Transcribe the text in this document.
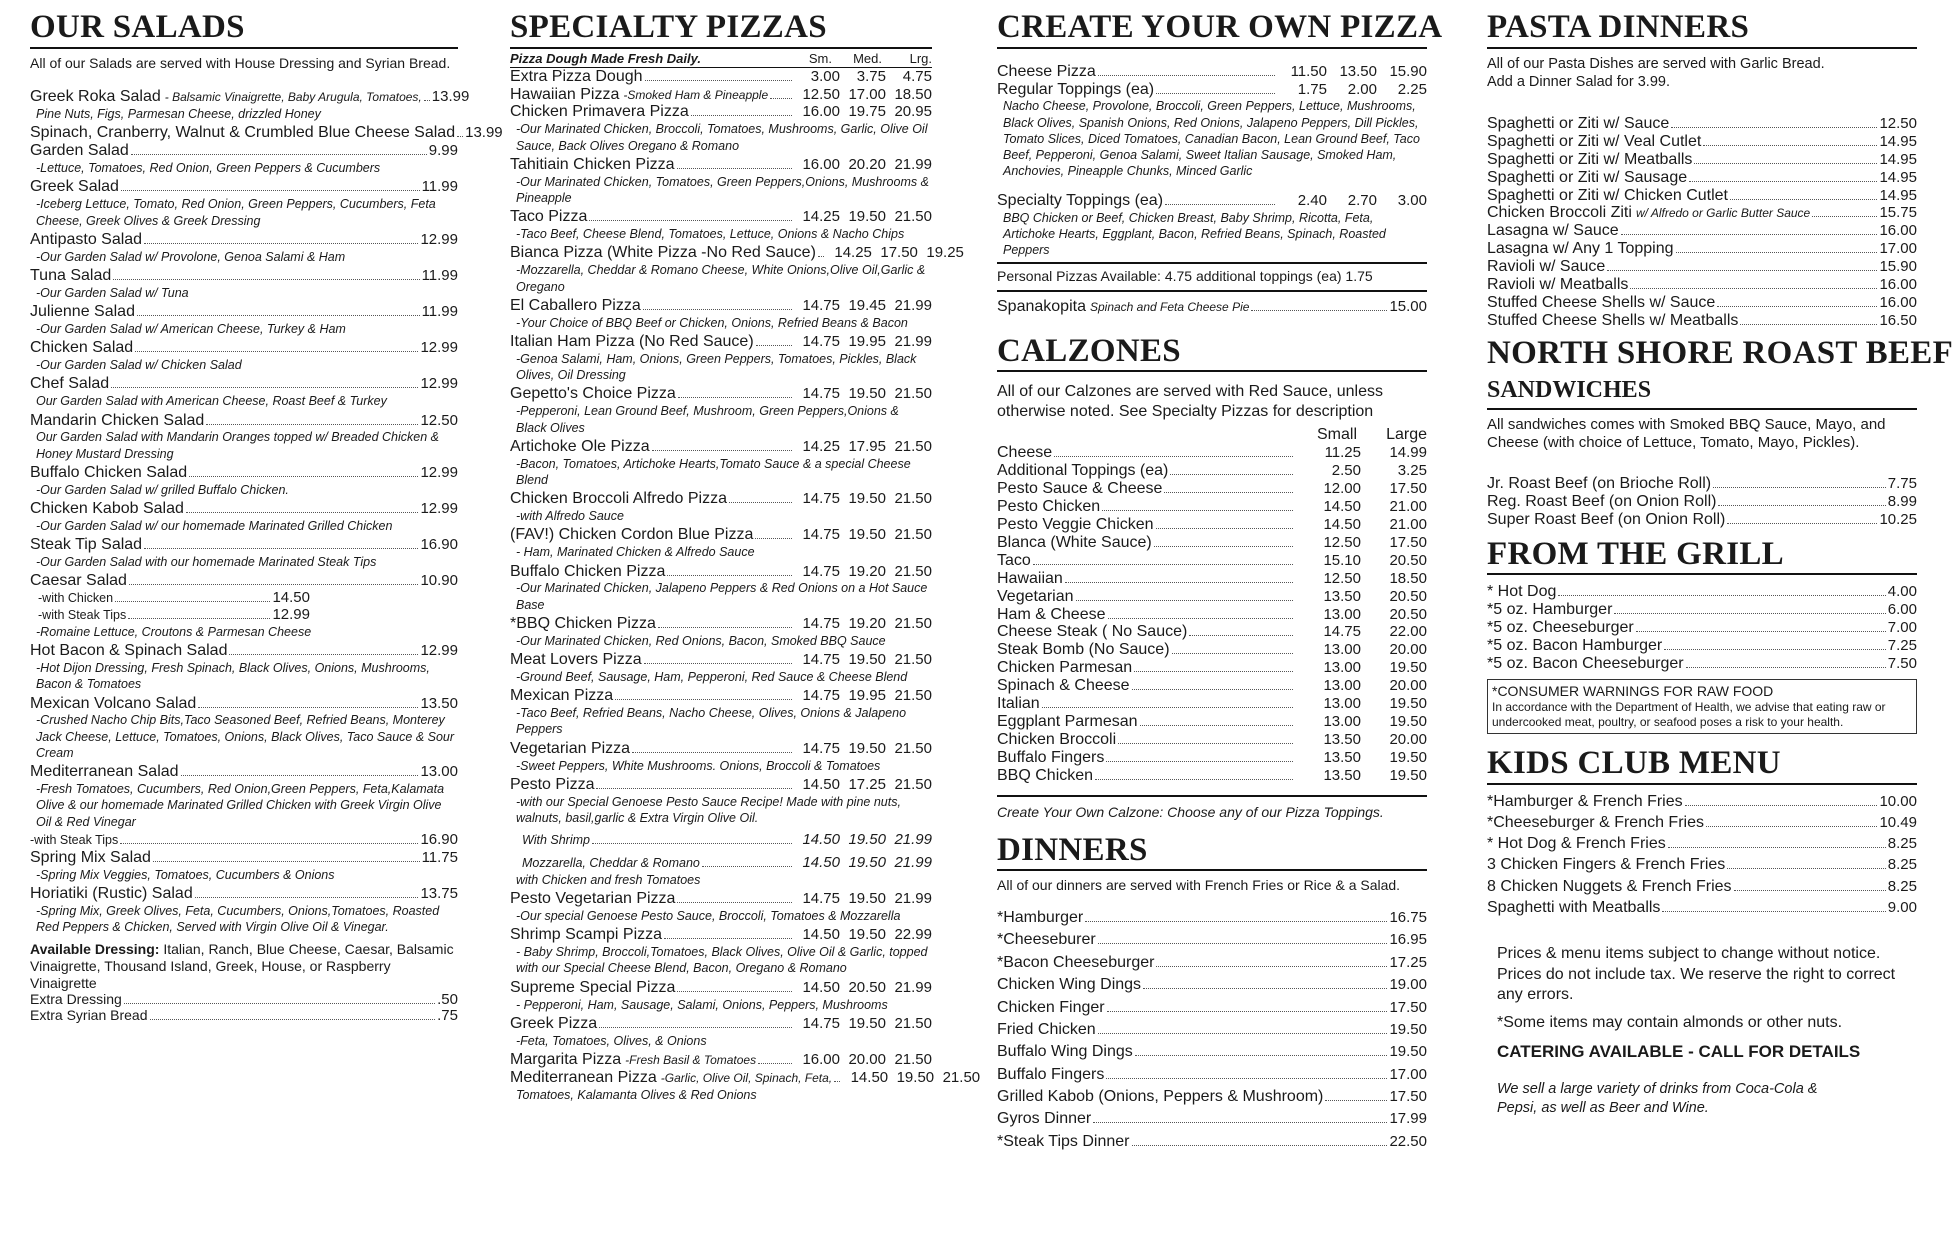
OUR SALADS
All of our Salads are served with House Dressing and Syrian Bread.
Greek Roka Salad - Balsamic Vinaigrette, Baby Arugula, Tomatoes, 13.99
Pine Nuts, Figs, Parmesan Cheese, drizzled Honey
Spinach, Cranberry, Walnut & Crumbled Blue Cheese Salad 13.99
Garden Salad	9.99
-Lettuce, Tomatoes, Red Onion, Green Peppers & Cucumbers
Greek Salad	11.99
-Iceberg Lettuce, Tomato, Red Onion, Green Peppers, Cucumbers, Feta Cheese, Greek Olives & Greek Dressing
Antipasto Salad	12.99
-Our Garden Salad w/ Provolone, Genoa Salami & Ham
Tuna Salad	11.99
-Our Garden Salad w/ Tuna
Julienne Salad	11.99
-Our Garden Salad w/ American Cheese, Turkey & Ham
Chicken Salad	12.99
-Our Garden Salad w/ Chicken Salad
Chef Salad	12.99
Our Garden Salad with American Cheese, Roast Beef & Turkey
Mandarin Chicken Salad	12.50
Our Garden Salad with Mandarin Oranges topped w/ Breaded Chicken & Honey Mustard Dressing
Buffalo Chicken Salad	12.99
-Our Garden Salad w/ grilled Buffalo Chicken.
Chicken Kabob Salad	12.99
-Our Garden Salad w/ our homemade Marinated Grilled Chicken
Steak Tip Salad	16.90
-Our Garden Salad with our homemade Marinated Steak Tips
Caesar Salad	10.90
-with Chicken	14.50
-with Steak Tips	12.99
-Romaine Lettuce, Croutons & Parmesan Cheese
Hot Bacon & Spinach Salad	12.99
-Hot Dijon Dressing, Fresh Spinach, Black Olives, Onions, Mushrooms, Bacon & Tomatoes
Mexican Volcano Salad	13.50
-Crushed Nacho Chip Bits,Taco Seasoned Beef, Refried Beans, Monterey Jack Cheese, Lettuce, Tomatoes, Onions, Black Olives, Taco Sauce & Sour Cream
Mediterranean Salad	13.00
-Fresh Tomatoes, Cucumbers, Red Onion,Green Peppers, Feta,Kalamata Olive & our homemade Marinated Grilled Chicken with Greek Virgin Olive Oil & Red Vinegar
-with Steak Tips	16.90
Spring Mix Salad	11.75
-Spring Mix Veggies, Tomatoes, Cucumbers & Onions
Horiatiki (Rustic) Salad	13.75
-Spring Mix, Greek Olives, Feta, Cucumbers, Onions,Tomatoes, Roasted Red Peppers & Chicken, Served with Virgin Olive Oil & Vinegar.
Available Dressing: Italian, Ranch, Blue Cheese, Caesar, Balsamic Vinaigrette, Thousand Island, Greek, House, or Raspberry Vinaigrette
Extra Dressing	.50
Extra Syrian Bread	.75
SPECIALTY PIZZAS
Pizza Dough Made Fresh Daily.	Sm.	Med.	Lrg.
Extra Pizza Dough	3.00 3.75 4.75
Hawaiian Pizza -Smoked Ham & Pineapple	12.50 17.00 18.50
Chicken Primavera Pizza	16.00 19.75 20.95
-Our Marinated Chicken, Broccoli, Tomatoes, Mushrooms, Garlic, Olive Oil Sauce, Back Olives Oregano & Romano
Tahitiain Chicken Pizza	16.00 20.20 21.99
-Our Marinated Chicken, Tomatoes, Green Peppers,Onions, Mushrooms & Pineapple
Taco Pizza	14.25 19.50 21.50
-Taco Beef, Cheese Blend, Tomatoes, Lettuce, Onions & Nacho Chips
Bianca Pizza (White Pizza -No Red Sauce)	14.25 17.50 19.25
-Mozzarella, Cheddar & Romano Cheese, White Onions,Olive Oil,Garlic & Oregano
El Caballero Pizza	14.75 19.45 21.99
-Your Choice of BBQ Beef or Chicken, Onions, Refried Beans & Bacon
Italian Ham Pizza (No Red Sauce)	14.75 19.95 21.99
-Genoa Salami, Ham, Onions, Green Peppers, Tomatoes, Pickles, Black Olives, Oil Dressing
Gepetto's Choice Pizza	14.75 19.50 21.50
-Pepperoni, Lean Ground Beef, Mushroom, Green Peppers,Onions & Black Olives
Artichoke Ole Pizza	14.25 17.95 21.50
-Bacon, Tomatoes, Artichoke Hearts,Tomato Sauce & a special Cheese Blend
Chicken Broccoli Alfredo Pizza	14.75 19.50 21.50
-with Alfredo Sauce
(FAV!) Chicken Cordon Blue Pizza	14.75 19.50 21.50
- Ham, Marinated Chicken & Alfredo Sauce
Buffalo Chicken Pizza	14.75 19.20 21.50
-Our Marinated Chicken, Jalapeno Peppers & Red Onions on a Hot Sauce Base
*BBQ Chicken Pizza	14.75 19.20 21.50
-Our Marinated Chicken, Red Onions, Bacon, Smoked BBQ Sauce
Meat Lovers Pizza	14.75 19.50 21.50
-Ground Beef, Sausage, Ham, Pepperoni, Red Sauce & Cheese Blend
Mexican Pizza	14.75 19.95 21.50
-Taco Beef, Refried Beans, Nacho Cheese, Olives, Onions & Jalapeno Peppers
Vegetarian Pizza	14.75 19.50 21.50
-Sweet Peppers, White Mushrooms. Onions, Broccoli & Tomatoes
Pesto Pizza	14.50 17.25 21.50
-with our Special Genoese Pesto Sauce Recipe! Made with pine nuts, walnuts, basil,garlic & Extra Virgin Olive Oil.
With Shrimp	14.50 19.50 21.99
Mozzarella, Cheddar & Romano	14.50 19.50 21.99
with Chicken and fresh Tomatoes
Pesto Vegetarian Pizza	14.75 19.50 21.99
-Our special Genoese Pesto Sauce, Broccoli, Tomatoes & Mozzarella
Shrimp Scampi Pizza	14.50 19.50 22.99
- Baby Shrimp, Broccoli,Tomatoes, Black Olives, Olive Oil & Garlic, topped with our Special Cheese Blend, Bacon, Oregano & Romano
Supreme Special Pizza	14.50 20.50 21.99
- Pepperoni, Ham, Sausage, Salami, Onions, Peppers, Mushrooms
Greek Pizza	14.75 19.50 21.50
-Feta, Tomatoes, Olives, & Onions
Margarita Pizza -Fresh Basil & Tomatoes	16.00 20.00 21.50
Mediterranean Pizza -Garlic, Olive Oil, Spinach, Feta,	14.50 19.50 21.50
Tomatoes, Kalamanta Olives & Red Onions
CREATE YOUR OWN PIZZA
Cheese Pizza	11.50 13.50 15.90
Regular Toppings (ea)	1.75 2.00 2.25
Nacho Cheese, Provolone, Broccoli, Green Peppers, Lettuce, Mushrooms, Black Olives, Spanish Onions, Red Onions, Jalapeno Peppers, Dill Pickles, Tomato Slices, Diced Tomatoes, Canadian Bacon, Lean Ground Beef, Taco Beef, Pepperoni, Genoa Salami, Sweet Italian Sausage, Smoked Ham, Anchovies, Pineapple Chunks, Minced Garlic
Specialty Toppings (ea)	2.40 2.70 3.00
BBQ Chicken or Beef, Chicken Breast, Baby Shrimp, Ricotta, Feta, Artichoke Hearts, Eggplant, Bacon, Refried Beans, Spinach, Roasted Peppers
Personal Pizzas Available: 4.75 additional toppings (ea) 1.75
Spanakopita Spinach and Feta Cheese Pie	15.00
CALZONES
All of our Calzones are served with Red Sauce, unless otherwise noted. See Specialty Pizzas for description
Small	Large
Cheese	11.25 14.99
Additional Toppings (ea)	2.50 3.25
Pesto Sauce & Cheese	12.00 17.50
Pesto Chicken	14.50 21.00
Pesto Veggie Chicken	14.50 21.00
Blanca (White Sauce)	12.50 17.50
Taco	15.10 20.50
Hawaiian	12.50 18.50
Vegetarian	13.50 20.50
Ham & Cheese	13.00 20.50
Cheese Steak ( No Sauce)	14.75 22.00
Steak Bomb (No Sauce)	13.00 20.00
Chicken Parmesan	13.00 19.50
Spinach & Cheese	13.00 20.00
Italian	13.00 19.50
Eggplant Parmesan	13.00 19.50
Chicken Broccoli	13.50 20.00
Buffalo Fingers	13.50 19.50
BBQ Chicken	13.50 19.50
Create Your Own Calzone: Choose any of our Pizza Toppings.
DINNERS
All of our dinners are served with French Fries or Rice & a Salad.
*Hamburger	16.75
*Cheeseburer	16.95
*Bacon Cheeseburger	17.25
Chicken Wing Dings	19.00
Chicken Finger	17.50
Fried Chicken	19.50
Buffalo Wing Dings	19.50
Buffalo Fingers	17.00
Grilled Kabob (Onions, Peppers & Mushroom)	17.50
Gyros Dinner	17.99
*Steak Tips Dinner	22.50
PASTA DINNERS
All of our Pasta Dishes are served with Garlic Bread. Add a Dinner Salad for 3.99.
Spaghetti or Ziti w/ Sauce	12.50
Spaghetti or Ziti w/ Veal Cutlet	14.95
Spaghetti or Ziti w/ Meatballs	14.95
Spaghetti or Ziti w/ Sausage	14.95
Spaghetti or Ziti w/ Chicken Cutlet	14.95
Chicken Broccoli Ziti w/ Alfredo or Garlic Butter Sauce	15.75
Lasagna w/ Sauce	16.00
Lasagna w/ Any 1 Topping	17.00
Ravioli w/ Sauce	15.90
Ravioli w/ Meatballs	16.00
Stuffed Cheese Shells w/ Sauce	16.00
Stuffed Cheese Shells w/ Meatballs	16.50
NORTH SHORE ROAST BEEF
SANDWICHES
All sandwiches comes with Smoked BBQ Sauce, Mayo, and Cheese (with choice of Lettuce, Tomato, Mayo, Pickles).
Jr. Roast Beef (on Brioche Roll)	7.75
Reg. Roast Beef (on Onion Roll)	8.99
Super Roast Beef (on Onion Roll)	10.25
FROM THE GRILL
* Hot Dog	4.00
*5 oz. Hamburger	6.00
*5 oz. Cheeseburger	7.00
*5 oz. Bacon Hamburger	7.25
*5 oz. Bacon Cheeseburger	7.50
*CONSUMER WARNINGS FOR RAW FOOD
In accordance with the Department of Health, we advise that eating raw or undercooked meat, poultry, or seafood poses a risk to your health.
KIDS CLUB MENU
*Hamburger & French Fries	10.00
*Cheeseburger & French Fries	10.49
* Hot Dog & French Fries	8.25
3 Chicken Fingers & French Fries	8.25
8 Chicken Nuggets & French Fries	8.25
Spaghetti with Meatballs	9.00
Prices & menu items subject to change without notice. Prices do not include tax. We reserve the right to correct any errors.
*Some items may contain almonds or other nuts.
CATERING AVAILABLE - CALL FOR DETAILS
We sell a large variety of drinks from Coca-Cola & Pepsi, as well as Beer and Wine.
